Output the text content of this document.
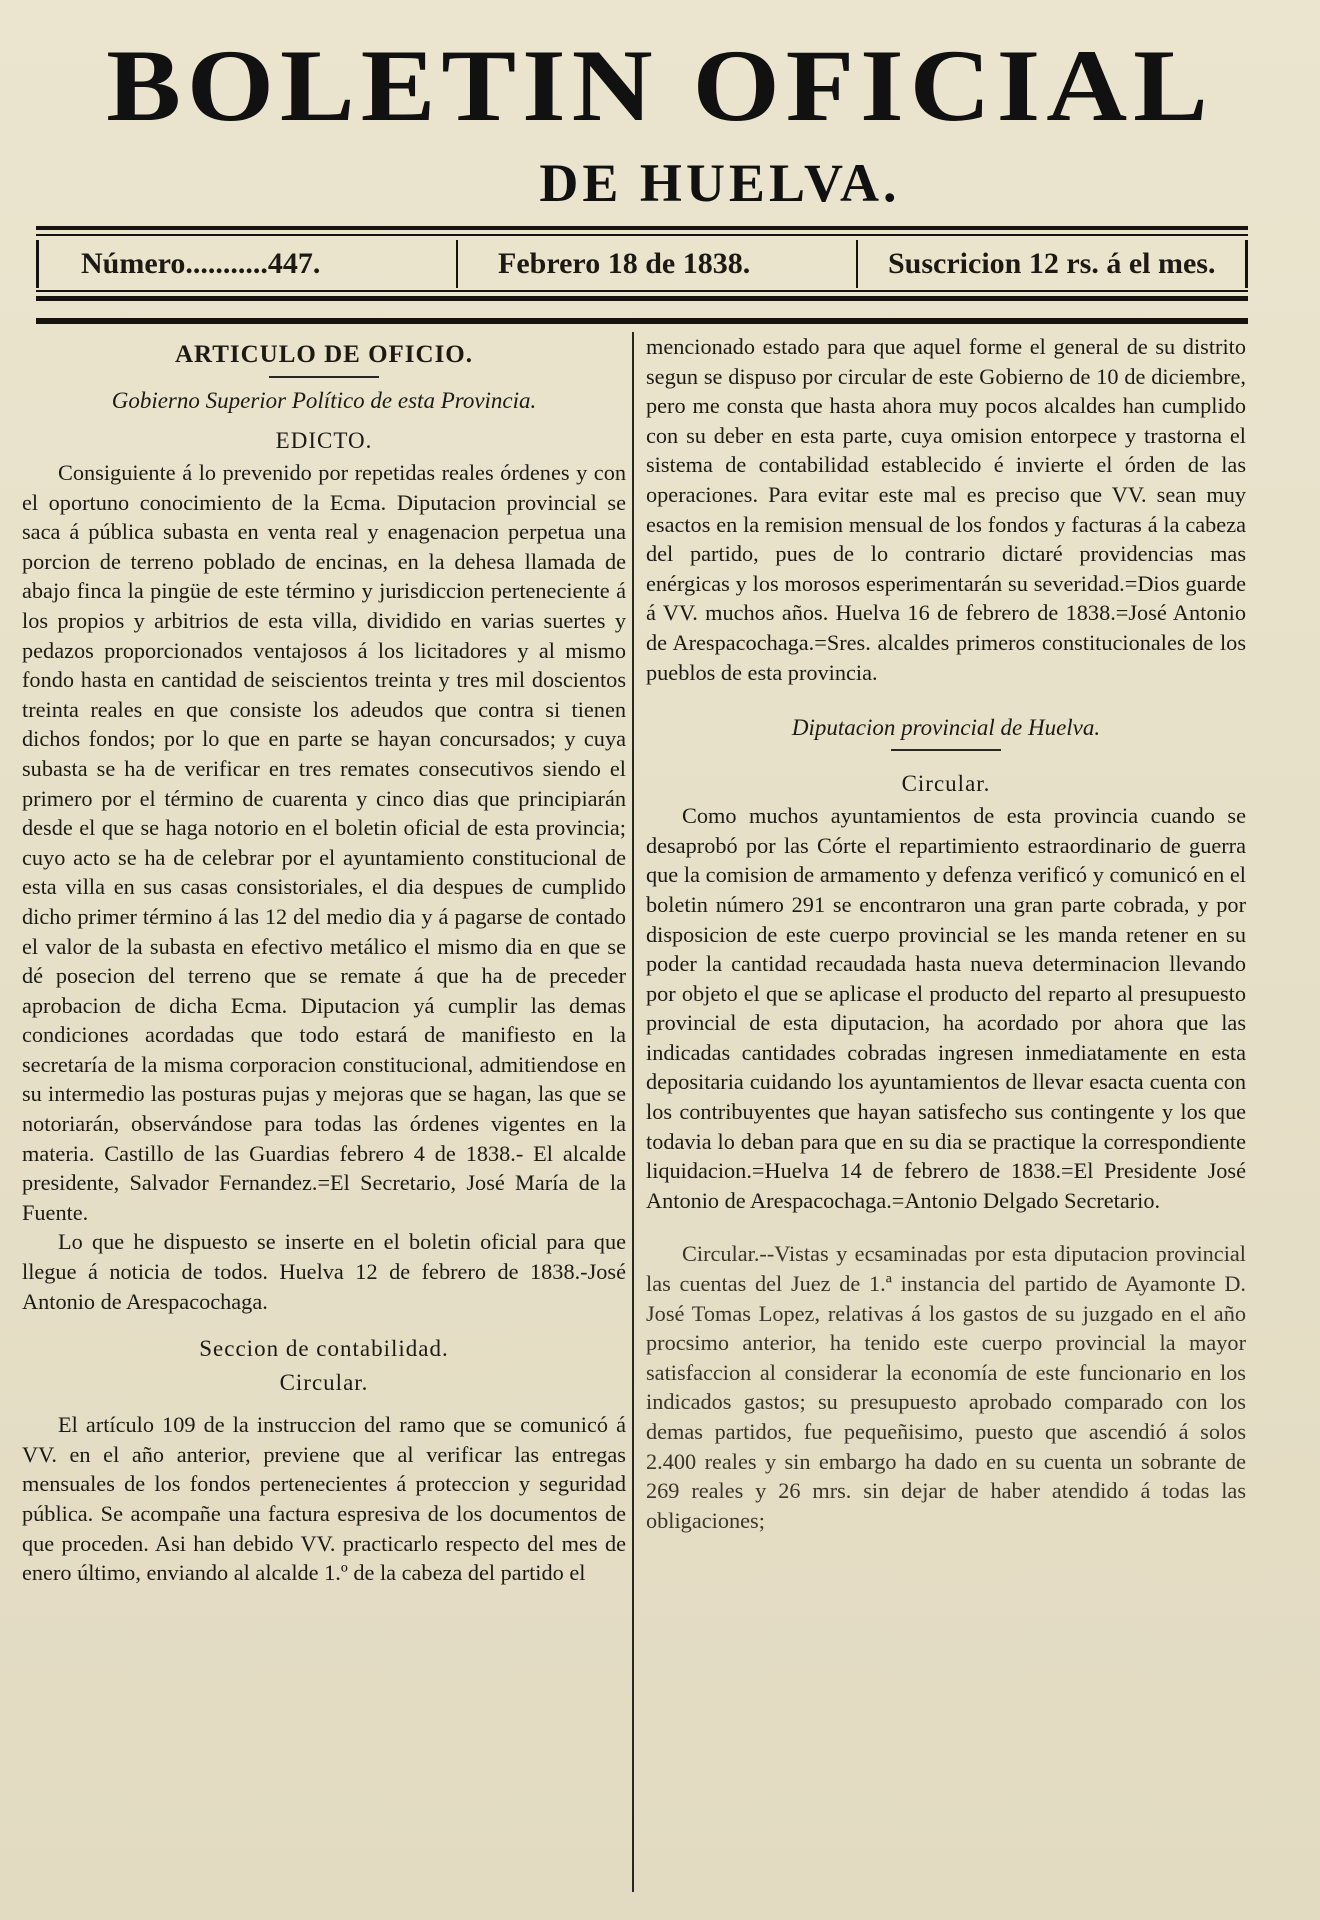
BOLETIN OFICIAL
DE HUELVA.
Número...........447.	Febrero 18 de 1838.	Suscricion 12 rs. á el mes.
ARTICULO DE OFICIO.
Gobierno Superior Político de esta Provincia.
EDICTO.

Consiguiente á lo prevenido por repetidas reales órdenes y con el oportuno conocimiento de la Ecma. Diputacion provincial se saca á pública subasta en venta real y enagenacion perpetua una porcion de terreno poblado de encinas, en la dehesa llamada de abajo finca la pingüe de este término y jurisdiccion perteneciente á los propios y arbitrios de esta villa, dividido en varias suertes y pedazos proporcionados ventajosos á los licitadores y al mismo fondo hasta en cantidad de seiscientos treinta y tres mil doscientos treinta reales en que consiste los adeudos que contra si tienen dichos fondos; por lo que en parte se hayan concursados; y cuya subasta se ha de verificar en tres remates consecutivos siendo el primero por el término de cuarenta y cinco dias que principiarán desde el que se haga notorio en el boletin oficial de esta provincia; cuyo acto se ha de celebrar por el ayuntamiento constitucional de esta villa en sus casas consistoriales, el dia despues de cumplido dicho primer término á las 12 del medio dia y á pagarse de contado el valor de la subasta en efectivo metálico el mismo dia en que se dé posecion del terreno que se remate á que ha de preceder aprobacion de dicha Ecma. Diputacion yá cumplir las demas condiciones acordadas que todo estará de manifiesto en la secretaría de la misma corporacion constitucional, admitiendose en su intermedio las posturas pujas y mejoras que se hagan, las que se notoriarán, observándose para todas las órdenes vigentes en la materia. Castillo de las Guardias febrero 4 de 1838.- El alcalde presidente, Salvador Fernandez.=El Secretario, José María de la Fuente.

Lo que he dispuesto se inserte en el boletin oficial para que llegue á noticia de todos. Huelva 12 de febrero de 1838.-José Antonio de Arespacochaga.

Seccion de contabilidad.
Circular.

El artículo 109 de la instruccion del ramo que se comunicó á VV. en el año anterior, previene que al verificar las entregas mensuales de los fondos pertenecientes á proteccion y seguridad pública. Se acompañe una factura espresiva de los documentos de que proceden. Asi han debido VV. practicarlo respecto del mes de enero último, enviando al alcalde 1.º de la cabeza del partido el

mencionado estado para que aquel forme el general de su distrito segun se dispuso por circular de este Gobierno de 10 de diciembre, pero me consta que hasta ahora muy pocos alcaldes han cumplido con su deber en esta parte, cuya omision entorpece y trastorna el sistema de contabilidad establecido é invierte el órden de las operaciones. Para evitar este mal es preciso que VV. sean muy esactos en la remision mensual de los fondos y facturas á la cabeza del partido, pues de lo contrario dictaré providencias mas enérgicas y los morosos esperimentarán su severidad.=Dios guarde á VV. muchos años. Huelva 16 de febrero de 1838.=José Antonio de Arespacochaga.=Sres. alcaldes primeros constitucionales de los pueblos de esta provincia.

Diputacion provincial de Huelva.
Circular.

Como muchos ayuntamientos de esta provincia cuando se desaprobó por las Córte el repartimiento estraordinario de guerra que la comision de armamento y defenza verificó y comunicó en el boletin número 291 se encontraron una gran parte cobrada, y por disposicion de este cuerpo provincial se les manda retener en su poder la cantidad recaudada hasta nueva determinacion llevando por objeto el que se aplicase el producto del reparto al presupuesto provincial de esta diputacion, ha acordado por ahora que las indicadas cantidades cobradas ingresen inmediatamente en esta depositaria cuidando los ayuntamientos de llevar esacta cuenta con los contribuyentes que hayan satisfecho sus contingente y los que todavia lo deban para que en su dia se practique la correspondiente liquidacion.=Huelva 14 de febrero de 1838.=El Presidente José Antonio de Arespacochaga.=Antonio Delgado Secretario.

Circular.--Vistas y ecsaminadas por esta diputacion provincial las cuentas del Juez de 1.ª instancia del partido de Ayamonte D. José Tomas Lopez, relativas á los gastos de su juzgado en el año procsimo anterior, ha tenido este cuerpo provincial la mayor satisfaccion al considerar la economía de este funcionario en los indicados gastos; su presupuesto aprobado comparado con los demas partidos, fue pequeñisimo, puesto que ascendió á solos 2.400 reales y sin embargo ha dado en su cuenta un sobrante de 269 reales y 26 mrs. sin dejar de haber atendido á todas las obligaciones;
